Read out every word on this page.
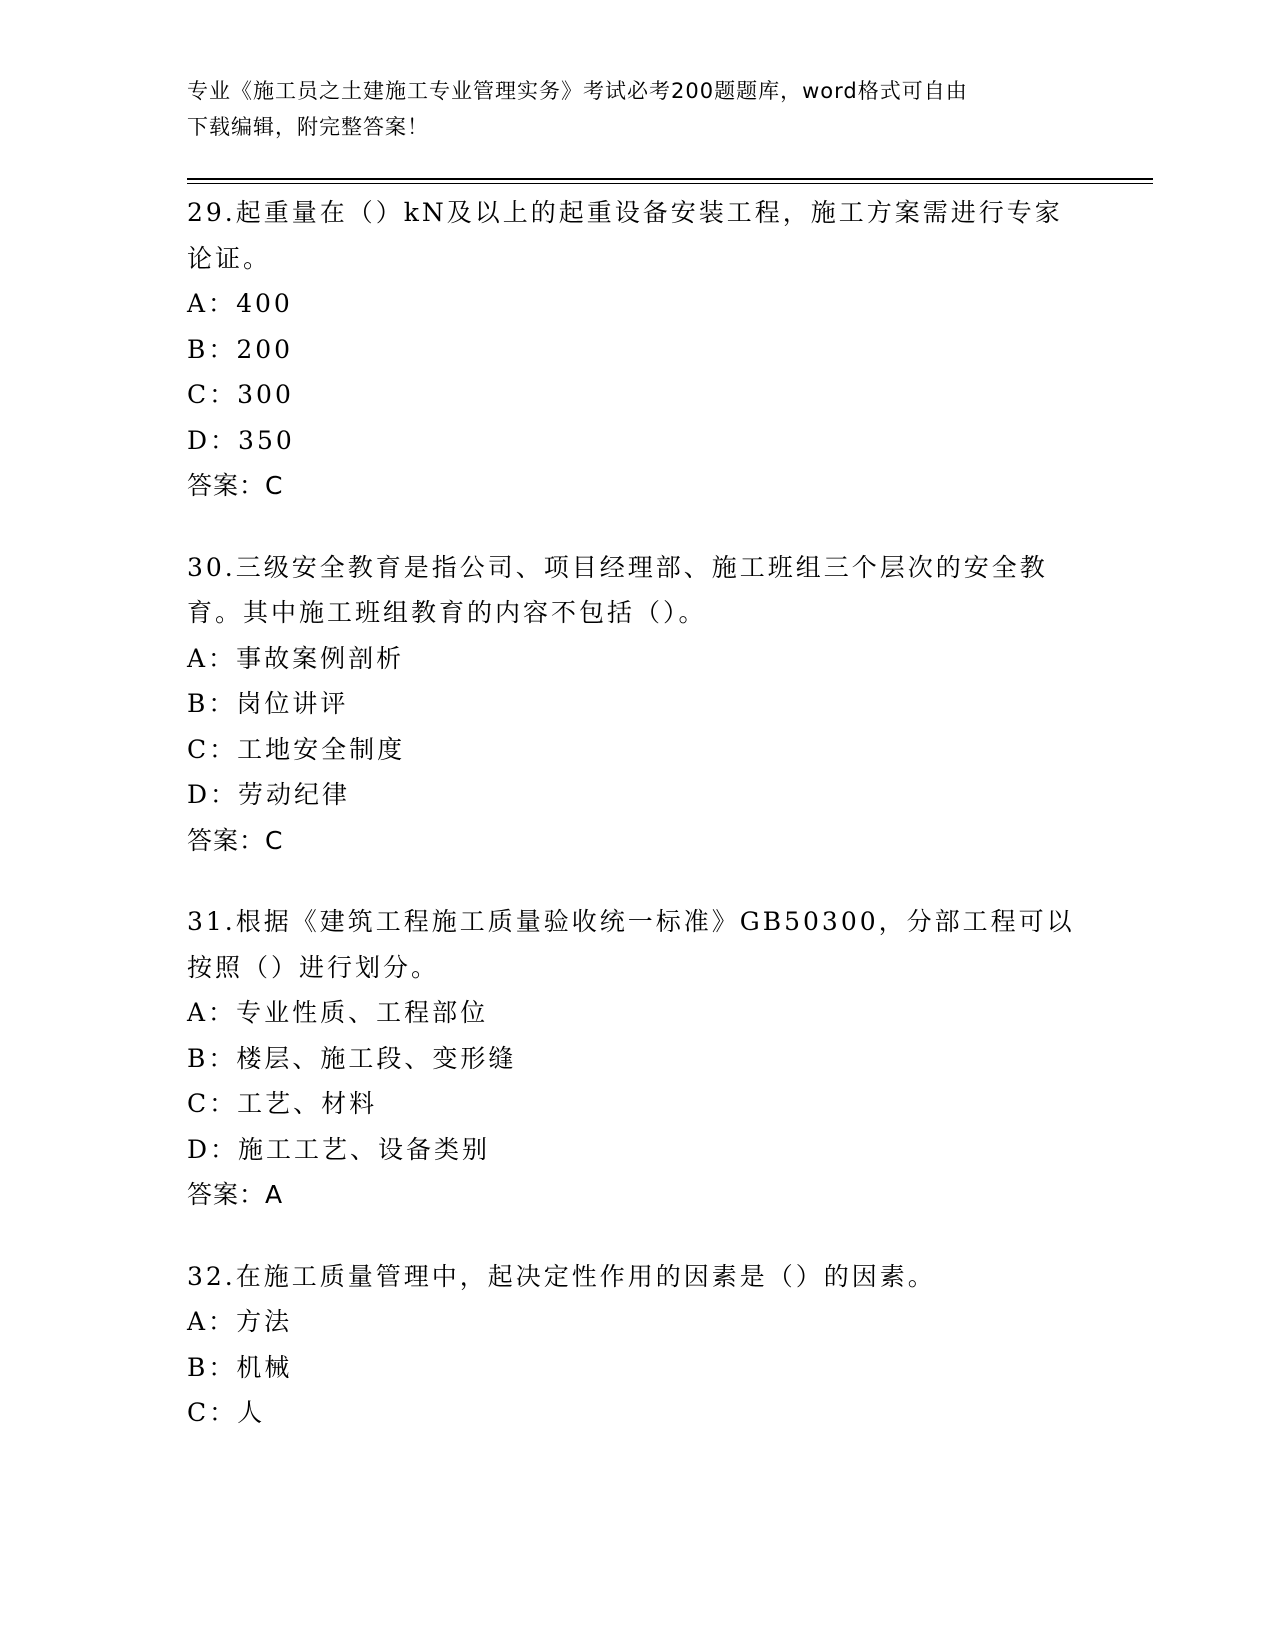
专业《施工员之土建施工专业管理实务》考试必考200题题库，word格式可自由
下载编辑，附完整答案！
29.起重量在（）kN及以上的起重设备安装工程，施工方案需进行专家
论证。
A：400
B：200
C：300
D：350
答案：C
30.三级安全教育是指公司、项目经理部、施工班组三个层次的安全教
育。其中施工班组教育的内容不包括（）。
A：事故案例剖析
B：岗位讲评
C：工地安全制度
D：劳动纪律
答案：C
31.根据《建筑工程施工质量验收统一标准》GB50300，分部工程可以
按照（）进行划分。
A：专业性质、工程部位
B：楼层、施工段、变形缝
C：工艺、材料
D：施工工艺、设备类别
答案：A
32.在施工质量管理中，起决定性作用的因素是（）的因素。
A：方法
B：机械
C：人
